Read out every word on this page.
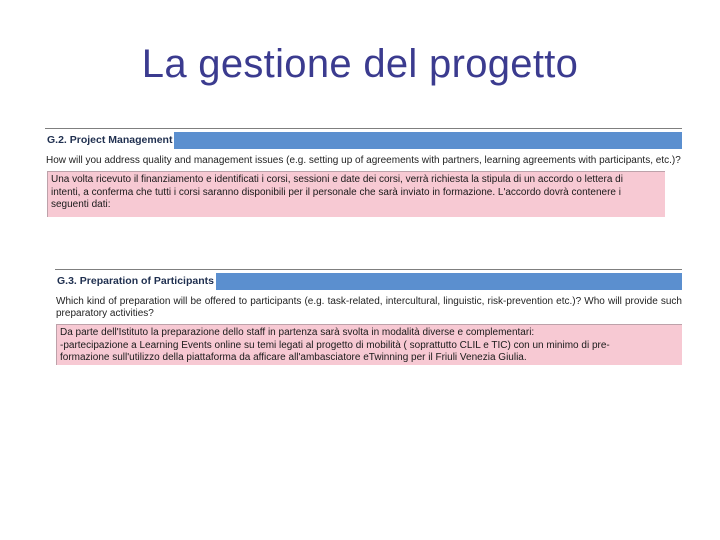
La gestione del progetto
G.2. Project Management
How will you address quality and management issues (e.g. setting up of agreements with partners, learning agreements with participants, etc.)?
Una volta ricevuto il finanziamento e identificati i corsi, sessioni e date dei corsi, verrà richiesta la stipula di un accordo o lettera di
intenti, a conferma che tutti i corsi saranno disponibili per il personale che sarà inviato in formazione. L'accordo dovrà contenere i
seguenti dati:
G.3. Preparation of Participants
Which kind of preparation will be offered to participants (e.g. task-related, intercultural, linguistic, risk-prevention etc.)? Who will provide such preparatory activities?
Da parte dell'Istituto la preparazione dello staff in partenza sarà svolta in modalità diverse e complementari:
-partecipazione a Learning Events online su temi legati al progetto di mobilità ( soprattutto CLIL e TIC) con un minimo di pre-
formazione sull'utilizzo della piattaforma da afficare all'ambasciatore eTwinning per il Friuli Venezia Giulia.
